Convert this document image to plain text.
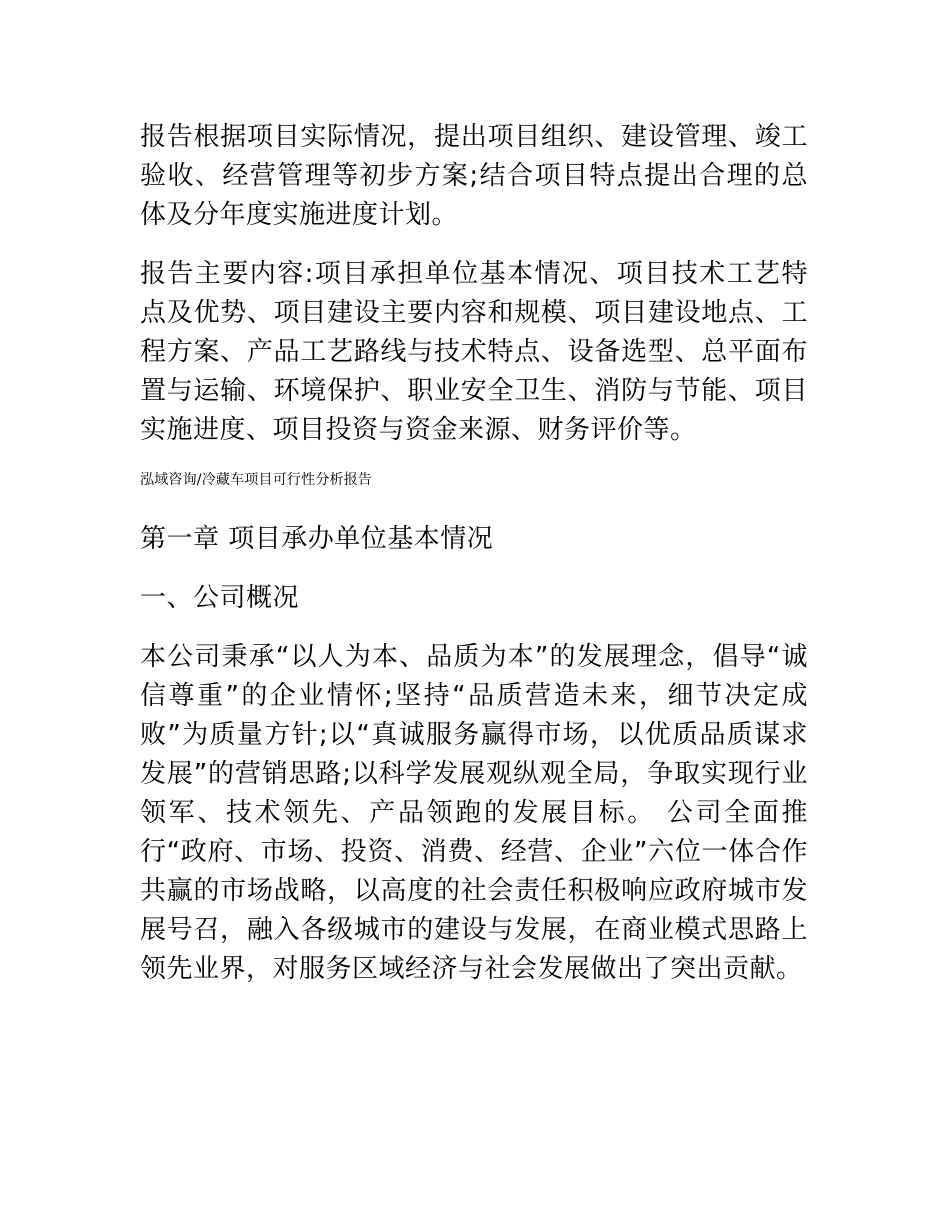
报告根据项目实际情况，提出项目组织、建设管理、竣工验收、经营管理等初步方案;结合项目特点提出合理的总体及分年度实施进度计划。

报告主要内容:项目承担单位基本情况、项目技术工艺特点及优势、项目建设主要内容和规模、项目建设地点、工程方案、产品工艺路线与技术特点、设备选型、总平面布置与运输、环境保护、职业安全卫生、消防与节能、项目实施进度、项目投资与资金来源、财务评价等。

泓域咨询/冷藏车项目可行性分析报告
第一章 项目承办单位基本情况
一、公司概况

本公司秉承“以人为本、品质为本”的发展理念，倡导“诚信尊重”的企业情怀;坚持“品质营造未来，细节决定成败”为质量方针;以“真诚服务赢得市场，以优质品质谋求发展”的营销思路;以科学发展观纵观全局，争取实现行业领军、技术领先、产品领跑的发展目标。 公司全面推行“政府、市场、投资、消费、经营、企业”六位一体合作共赢的市场战略，以高度的社会责任积极响应政府城市发展号召，融入各级城市的建设与发展，在商业模式思路上领先业界，对服务区域经济与社会发展做出了突出贡献。
